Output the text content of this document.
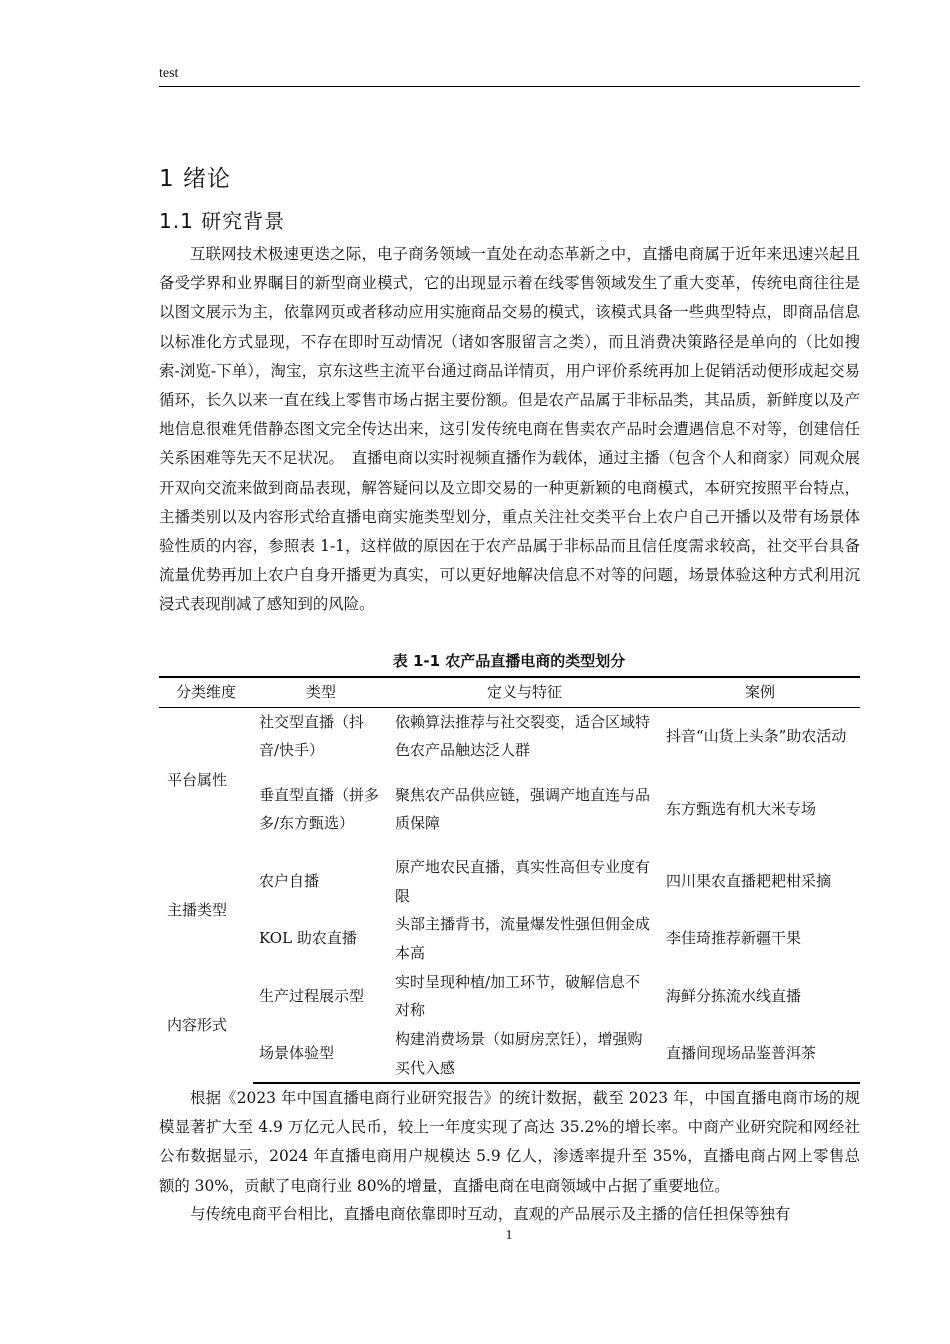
test
1 绪论
1.1 研究背景

互联网技术极速更迭之际，电子商务领域一直处在动态革新之中，直播电商属于近年来迅速兴起且备受学界和业界瞩目的新型商业模式，它的出现显示着在线零售领域发生了重大变革，传统电商往往是以图文展示为主，依靠网页或者移动应用实施商品交易的模式，该模式具备一些典型特点，即商品信息以标准化方式显现，不存在即时互动情况（诸如客服留言之类），而且消费决策路径是单向的（比如搜索-浏览-下单），淘宝，京东这些主流平台通过商品详情页，用户评价系统再加上促销活动便形成起交易循环，长久以来一直在线上零售市场占据主要份额。但是农产品属于非标品类，其品质，新鲜度以及产地信息很难凭借静态图文完全传达出来，这引发传统电商在售卖农产品时会遭遇信息不对等，创建信任关系困难等先天不足状况。　直播电商以实时视频直播作为载体，通过主播（包含个人和商家）同观众展开双向交流来做到商品表现，解答疑问以及立即交易的一种更新颖的电商模式，本研究按照平台特点，主播类别以及内容形式给直播电商实施类型划分，重点关注社交类平台上农户自己开播以及带有场景体验性质的内容，参照表 1-1，这样做的原因在于农产品属于非标品而且信任度需求较高，社交平台具备流量优势再加上农户自身开播更为真实，可以更好地解决信息不对等的问题，场景体验这种方式利用沉浸式表现削减了感知到的风险。

表 1-1 农产品直播电商的类型划分
分类维度	类型	定义与特征	案例
平台属性	社交型直播（抖音/快手）	依赖算法推荐与社交裂变，适合区域特色农产品触达泛人群	抖音“山货上头条”助农活动
	垂直型直播（拼多多/东方甄选）	聚焦农产品供应链，强调产地直连与品质保障	东方甄选有机大米专场
主播类型	农户自播	原产地农民直播，真实性高但专业度有限	四川果农直播耙耙柑采摘
	KOL 助农直播	头部主播背书，流量爆发性强但佣金成本高	李佳琦推荐新疆干果
内容形式	生产过程展示型	实时呈现种植/加工环节，破解信息不对称	海鲜分拣流水线直播
	场景体验型	构建消费场景（如厨房烹饪），增强购买代入感	直播间现场品鉴普洱茶

根据《2023 年中国直播电商行业研究报告》的统计数据，截至 2023 年，中国直播电商市场的规模显著扩大至 4.9 万亿元人民币，较上一年度实现了高达 35.2%的增长率。中商产业研究院和网经社公布数据显示，2024 年直播电商用户规模达 5.9 亿人，渗透率提升至 35%，直播电商占网上零售总额的 30%，贡献了电商行业 80%的增量，直播电商在电商领域中占据了重要地位。

与传统电商平台相比，直播电商依靠即时互动，直观的产品展示及主播的信任担保等独有

1
